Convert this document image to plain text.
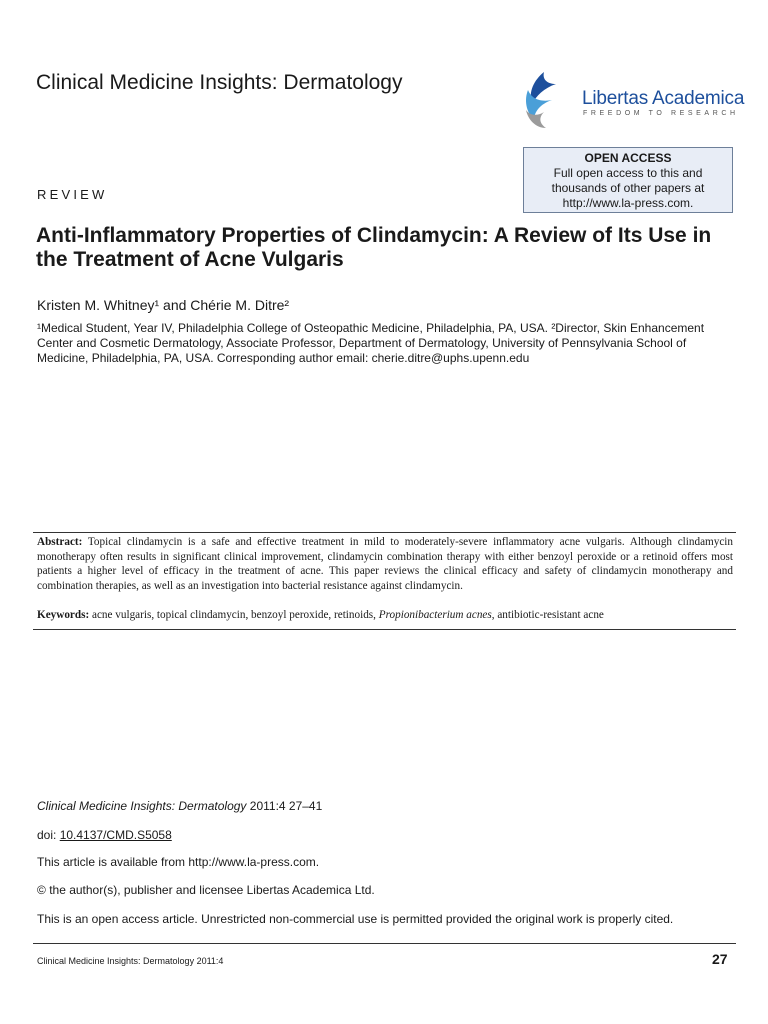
Clinical Medicine Insights: Dermatology
Libertas Academica
FREEDOM TO RESEARCH
OPEN ACCESS
Full open access to this and
thousands of other papers at
http://www.la-press.com.
REVIEW
Anti-Inflammatory Properties of Clindamycin: A Review of Its Use in the Treatment of Acne Vulgaris
Kristen M. Whitney¹ and Chérie M. Ditre²
¹Medical Student, Year IV, Philadelphia College of Osteopathic Medicine, Philadelphia, PA, USA. ²Director, Skin Enhancement Center and Cosmetic Dermatology, Associate Professor, Department of Dermatology, University of Pennsylvania School of Medicine, Philadelphia, PA, USA. Corresponding author email: cherie.ditre@uphs.upenn.edu
Abstract: Topical clindamycin is a safe and effective treatment in mild to moderately-severe inflammatory acne vulgaris. Although clindamycin monotherapy often results in significant clinical improvement, clindamycin combination therapy with either benzoyl peroxide or a retinoid offers most patients a higher level of efficacy in the treatment of acne. This paper reviews the clinical efficacy and safety of clindamycin monotherapy and combination therapies, as well as an investigation into bacterial resistance against clindamycin.
Keywords: acne vulgaris, topical clindamycin, benzoyl peroxide, retinoids, Propionibacterium acnes, antibiotic-resistant acne
Clinical Medicine Insights: Dermatology 2011:4 27–41
doi: 10.4137/CMD.S5058
This article is available from http://www.la-press.com.
© the author(s), publisher and licensee Libertas Academica Ltd.
This is an open access article. Unrestricted non-commercial use is permitted provided the original work is properly cited.
Clinical Medicine Insights: Dermatology 2011:4	27
